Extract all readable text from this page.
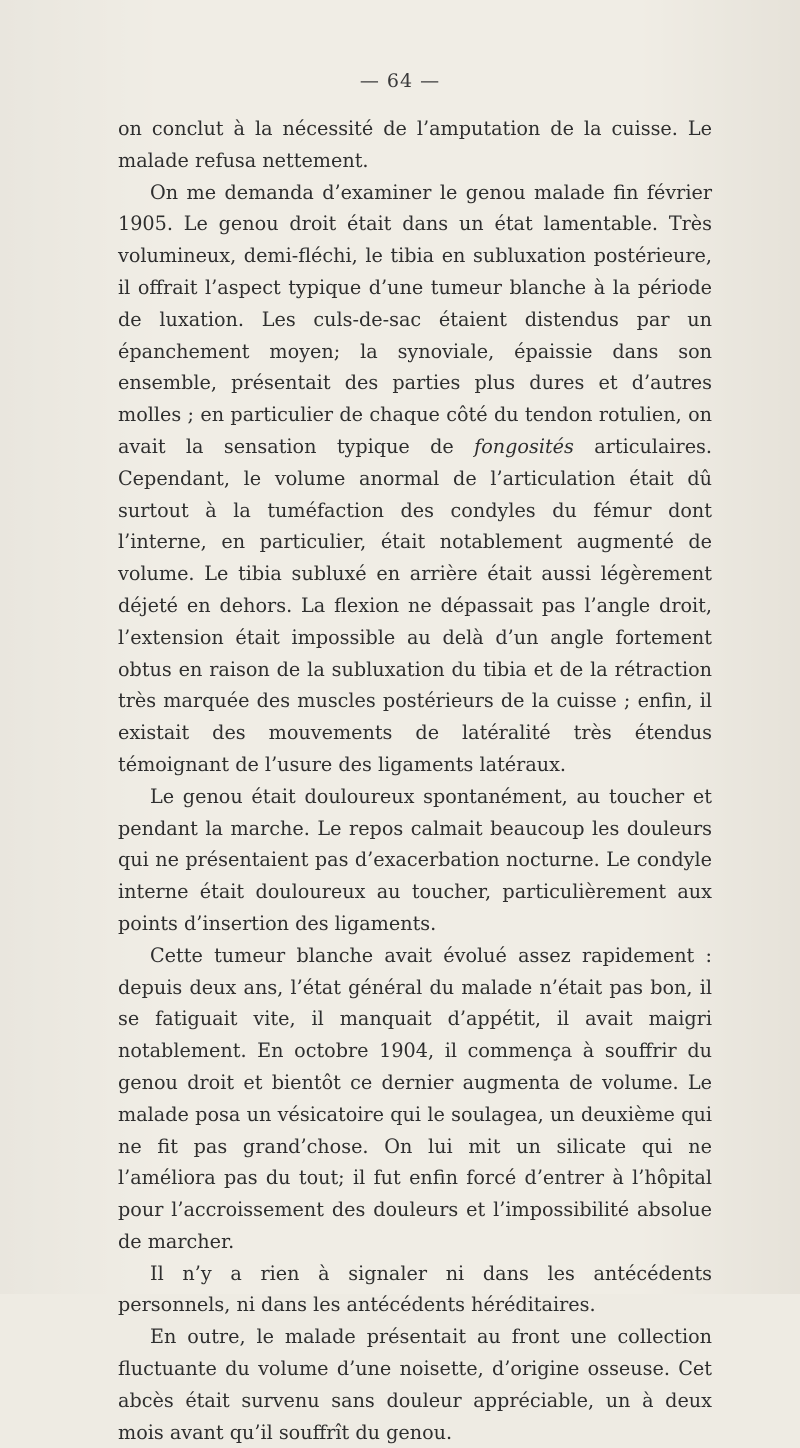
— 64 —

on conclut à la nécessité de l’amputation de la cuisse. Le malade refusa nettement.

On me demanda d’examiner le genou malade fin février 1905. Le genou droit était dans un état lamentable. Très volumineux, demi-fléchi, le tibia en subluxation postérieure, il offrait l’aspect typique d’une tumeur blanche à la période de luxation. Les culs-de-sac étaient distendus par un épanchement moyen; la synoviale, épaissie dans son ensemble, présentait des parties plus dures et d’autres molles ; en particulier de chaque côté du tendon rotulien, on avait la sensation typique de fongosités articulaires. Cependant, le volume anormal de l’articulation était dû surtout à la tuméfaction des condyles du fémur dont l’interne, en particulier, était notablement augmenté de volume. Le tibia subluxé en arrière était aussi légèrement déjeté en dehors. La flexion ne dépassait pas l’angle droit, l’extension était impossible au delà d’un angle fortement obtus en raison de la subluxation du tibia et de la rétraction très marquée des muscles postérieurs de la cuisse ; enfin, il existait des mouvements de latéralité très étendus témoignant de l’usure des ligaments latéraux.

Le genou était douloureux spontanément, au toucher et pendant la marche. Le repos calmait beaucoup les douleurs qui ne présentaient pas d’exacerbation nocturne. Le condyle interne était douloureux au toucher, particulièrement aux points d’insertion des ligaments.

Cette tumeur blanche avait évolué assez rapidement : depuis deux ans, l’état général du malade n’était pas bon, il se fatiguait vite, il manquait d’appétit, il avait maigri notablement. En octobre 1904, il commença à souffrir du genou droit et bientôt ce dernier augmenta de volume. Le malade posa un vésicatoire qui le soulagea, un deuxième qui ne fit pas grand’chose. On lui mit un silicate qui ne l’améliora pas du tout; il fut enfin forcé d’entrer à l’hôpital pour l’accroissement des douleurs et l’impossibilité absolue de marcher.

Il n’y a rien à signaler ni dans les antécédents personnels, ni dans les antécédents héréditaires.

En outre, le malade présentait au front une collection fluctuante du volume d’une noisette, d’origine osseuse. Cet abcès était survenu sans douleur appréciable, un à deux mois avant qu’il souffrît du genou.
